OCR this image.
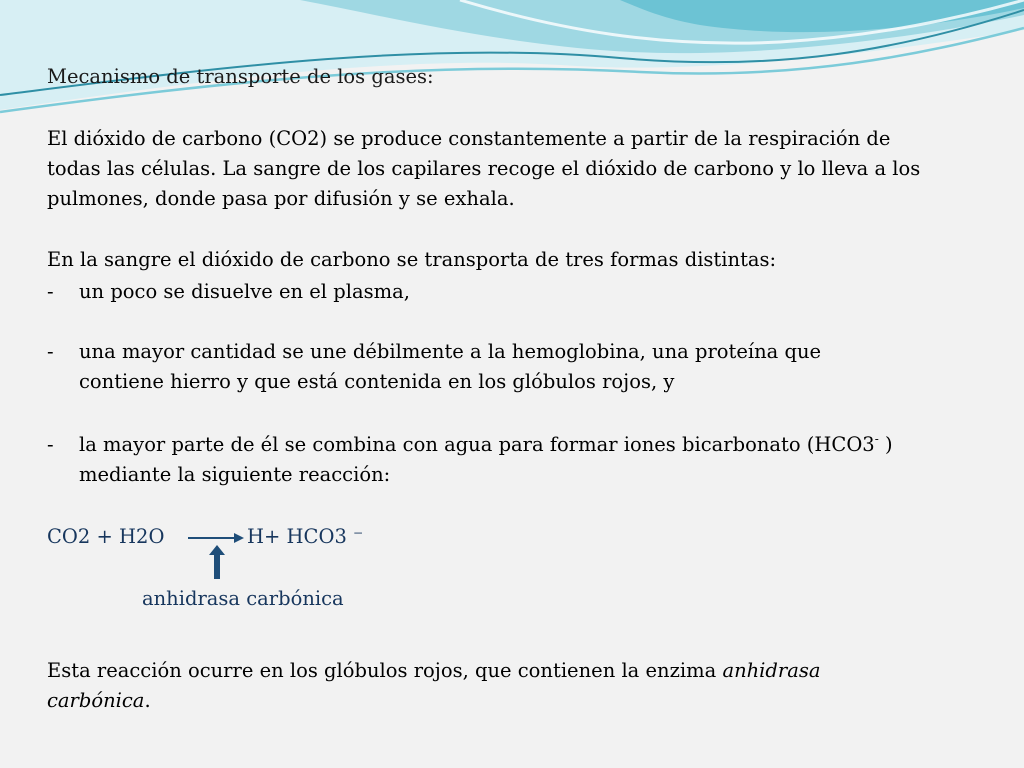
Mecanismo de transporte de los gases:
El dióxido de carbono (CO2) se produce constantemente a partir de la respiración de
todas las células. La sangre de los capilares recoge el dióxido de carbono y lo lleva a los
pulmones, donde pasa por difusión y se exhala.
En la sangre el dióxido de carbono se transporta de tres formas distintas:
- un poco se disuelve en el plasma,
- una mayor cantidad se une débilmente a la hemoglobina, una proteína que
contiene hierro y que está contenida en los glóbulos rojos, y
- la mayor parte de él se combina con agua para formar iones bicarbonato (HCO3- )
mediante la siguiente reacción:
CO2 + H2O → H+ HCO3 ⁻
anhidrasa carbónica
Esta reacción ocurre en los glóbulos rojos, que contienen la enzima anhidrasa
carbónica.
